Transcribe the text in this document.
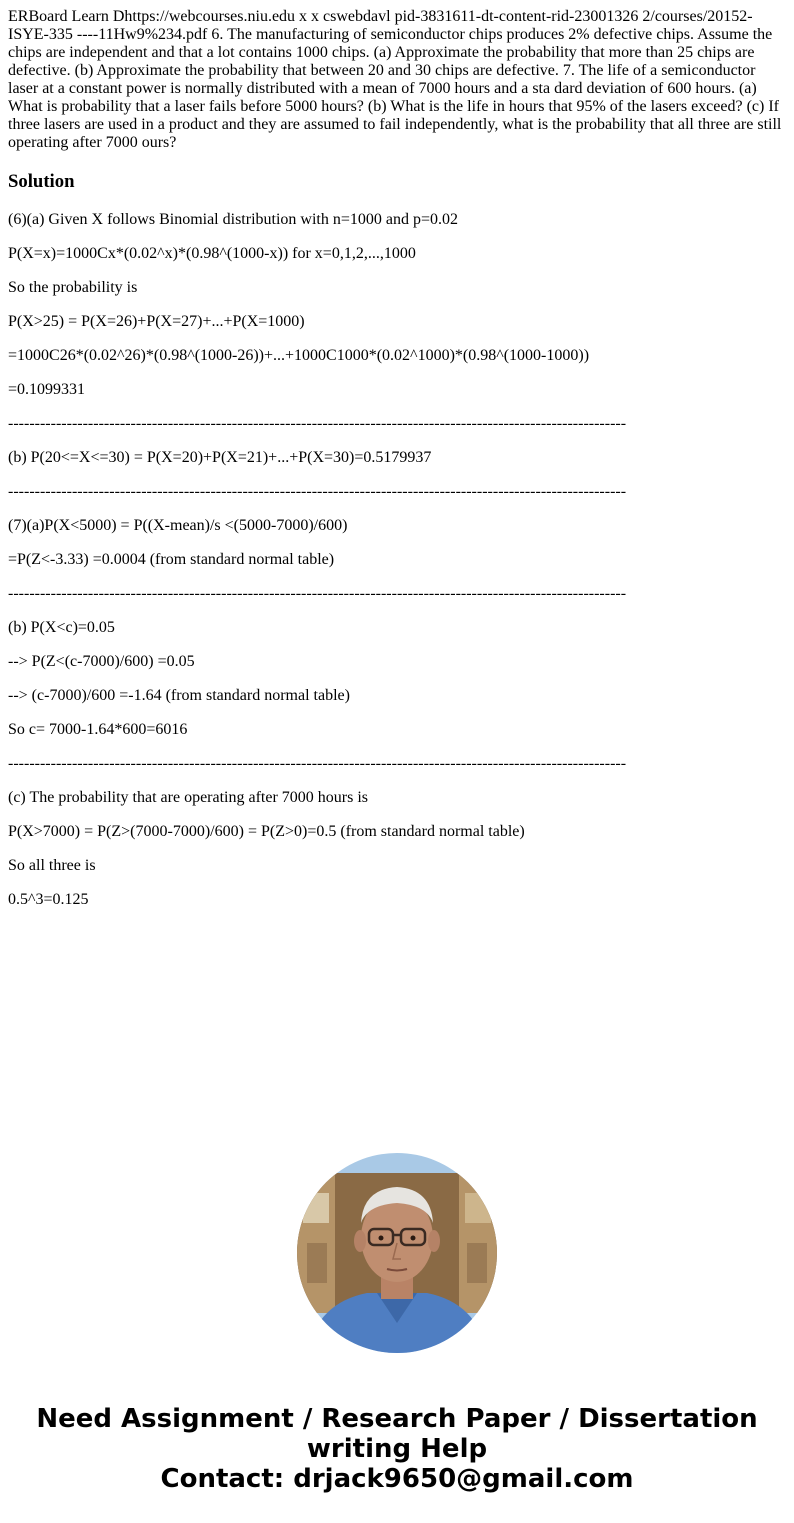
ERBoard Learn Dhttps://webcourses.niu.edu x x cswebdavl pid-3831611-dt-content-rid-23001326 2/courses/20152-ISYE-335 ----11Hw9%234.pdf 6. The manufacturing of semiconductor chips produces 2% defective chips. Assume the chips are independent and that a lot contains 1000 chips. (a) Approximate the probability that more than 25 chips are defective. (b) Approximate the probability that between 20 and 30 chips are defective. 7. The life of a semiconductor laser at a constant power is normally distributed with a mean of 7000 hours and a sta dard deviation of 600 hours. (a) What is probability that a laser fails before 5000 hours? (b) What is the life in hours that 95% of the lasers exceed? (c) If three lasers are used in a product and they are assumed to fail independently, what is the probability that all three are still operating after 7000 ours?
Solution
(6)(a) Given X follows Binomial distribution with n=1000 and p=0.02
P(X=x)=1000Cx*(0.02^x)*(0.98^(1000-x)) for x=0,1,2,...,1000
So the probability is
P(X>25) = P(X=26)+P(X=27)+...+P(X=1000)
=1000C26*(0.02^26)*(0.98^(1000-26))+...+1000C1000*(0.02^1000)*(0.98^(1000-1000))
=0.1099331
--------------------------------------------------------------------------------------------------------------------
(b) P(20<=X<=30) = P(X=20)+P(X=21)+...+P(X=30)=0.5179937
--------------------------------------------------------------------------------------------------------------------
(7)(a)P(X<5000) = P((X-mean)/s <(5000-7000)/600)
=P(Z<-3.33) =0.0004 (from standard normal table)
--------------------------------------------------------------------------------------------------------------------
(b) P(X<c)=0.05
--> P(Z<(c-7000)/600) =0.05
--> (c-7000)/600 =-1.64 (from standard normal table)
So c= 7000-1.64*600=6016
--------------------------------------------------------------------------------------------------------------------
(c) The probability that are operating after 7000 hours is
P(X>7000) = P(Z>(7000-7000)/600) = P(Z>0)=0.5 (from standard normal table)
So all three is
0.5^3=0.125
Need Assignment / Research Paper / Dissertation
writing Help
Contact: drjack9650@gmail.com
